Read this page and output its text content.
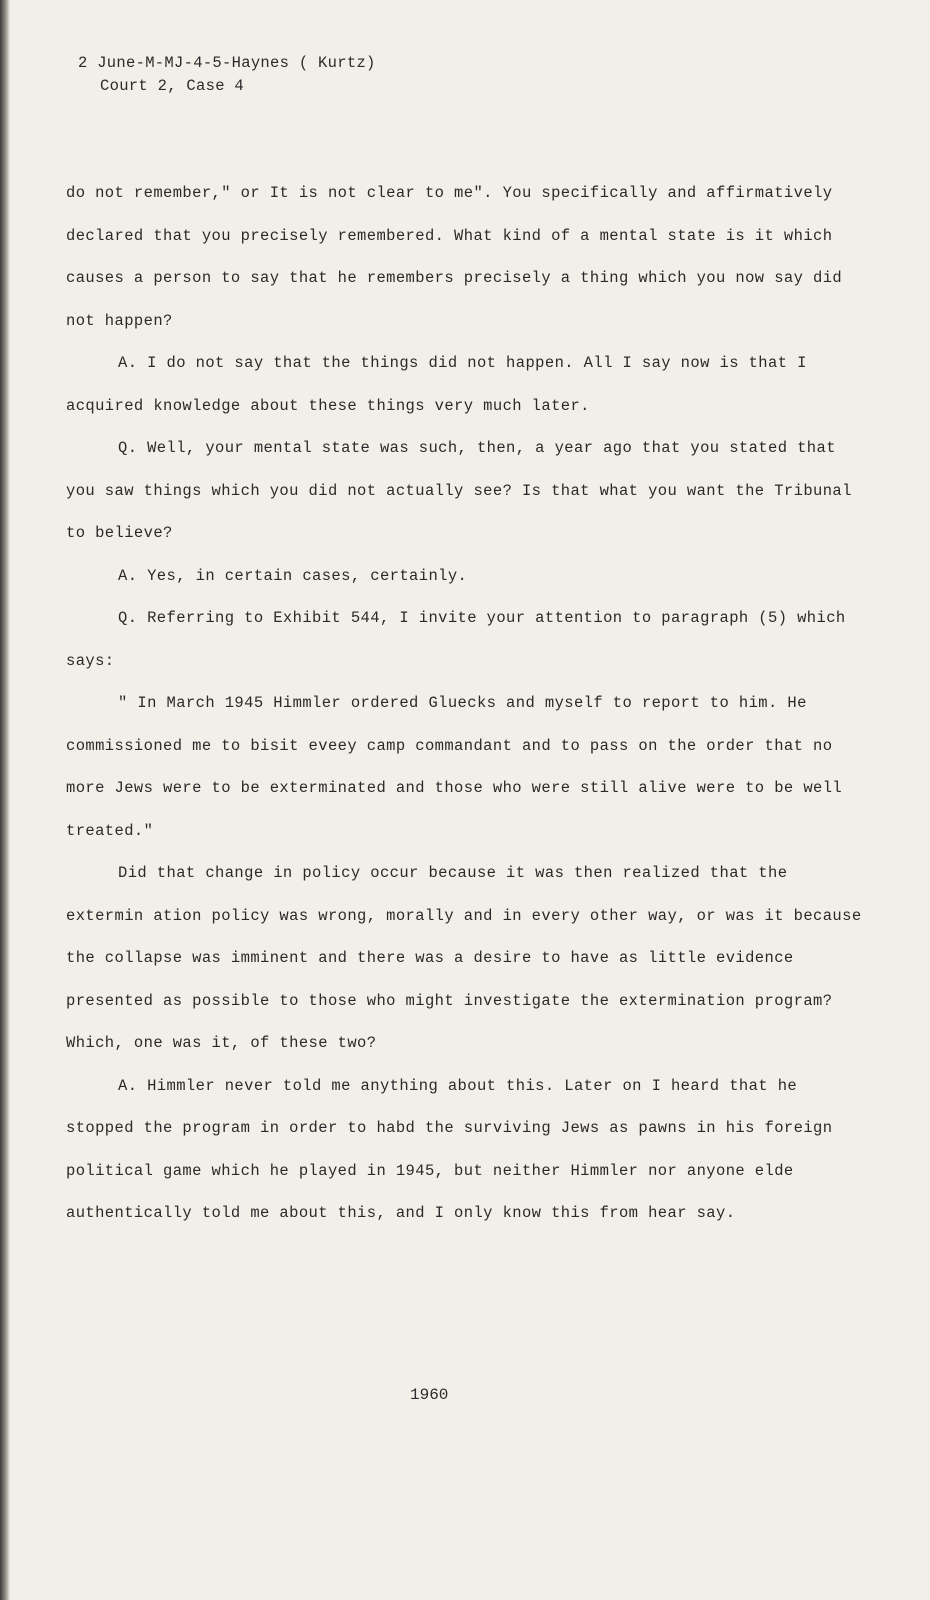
2 June-M-MJ-4-5-Haynes ( Kurtz)
Court 2, Case 4

do not remember," or It is not clear to me". You specifically and affirmatively declared that you precisely remembered. What kind of a mental state is it which causes a person to say that he remembers precisely a thing which you now say did not happen?

A. I do not say that the things did not happen. All I say now is that I acquired knowledge about these things very much later.

Q. Well, your mental state was such, then, a year ago that you stated that you saw things which you did not actually see? Is that what you want the Tribunal to believe?

A. Yes, in certain cases, certainly.

Q. Referring to Exhibit 544, I invite your attention to paragraph (5) which says:

" In March 1945 Himmler ordered Gluecks and myself to report to him. He commissioned me to bisit eveey camp commandant and to pass on the order that no more Jews were to be exterminated and those who were still alive were to be well treated."

Did that change in policy occur because it was then realized that the extermin ation policy was wrong, morally and in every other way, or was it because the collapse was imminent and there was a desire to have as little evidence presented as possible to those who might investigate the extermination program? Which, one was it, of these two?

A. Himmler never told me anything about this. Later on I heard that he stopped the program in order to habd the surviving Jews as pawns in his foreign political game which he played in 1945, but neither Himmler nor anyone elde authentically told me about this, and I only know this from hear say.

1960
